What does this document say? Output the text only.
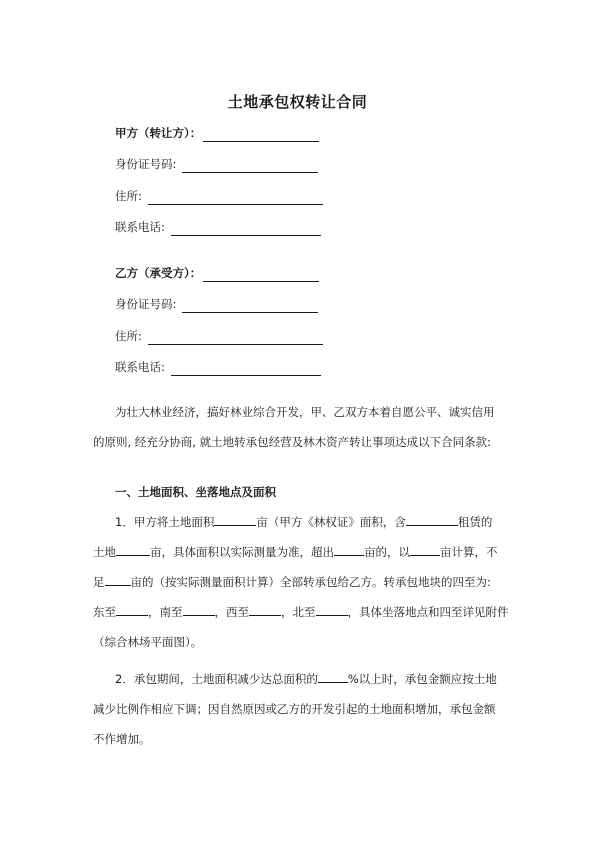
土地承包权转让合同
甲方（转让方）：
身份证号码:
住所:
联系电话:
乙方（承受方）：
身份证号码:
住所:
联系电话:

为壮大林业经济，搞好林业综合开发，甲、乙双方本着自愿公平、诚实信用

的原则, 经充分协商, 就土地转承包经营及林木资产转让事项达成以下合同条款:

一、土地面积、坐落地点及面积

1．甲方将土地面积	亩（甲方《林权证》面积，含	租赁的

土地	亩，具体面积以实际测量为准，超出	亩的，以	亩计算，不

足 亩的（按实际测量面积计算）全部转承包给乙方。转承包地块的四至为:

东至	，南至	，西至	，北至	，具体坐落地点和四至详见附件

（综合林场平面图）。

2．承包期间，土地面积减少达总面积的	%以上时，承包金额应按土地

减少比例作相应下调；因自然原因或乙方的开发引起的土地面积增加，承包金额

不作增加。
